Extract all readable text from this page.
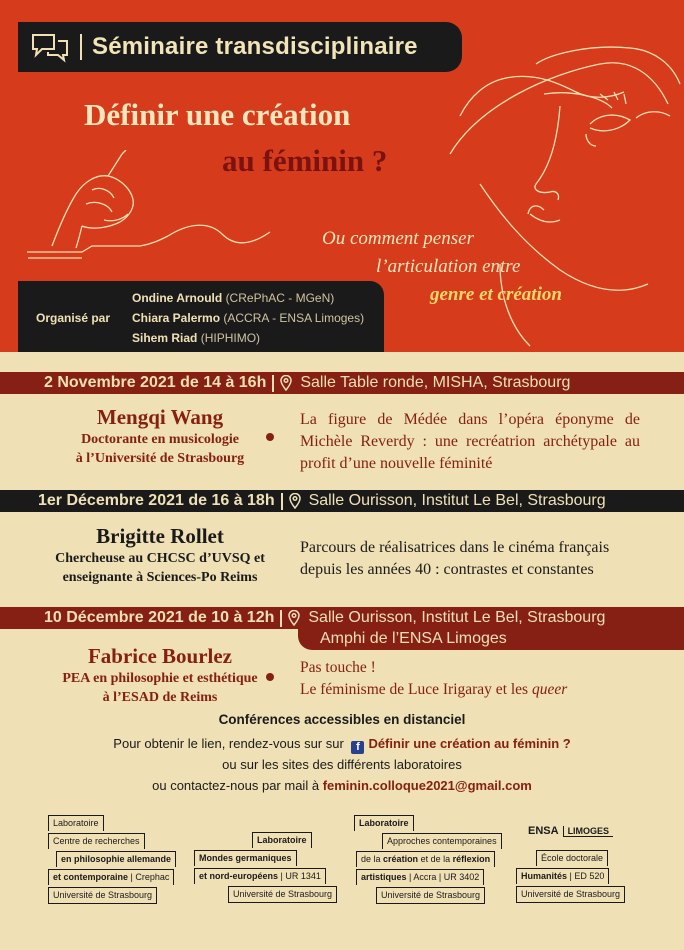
Séminaire transdisciplinaire
Définir une création
au féminin ?
Ou comment penser
l’articulation entre
genre et création
Organisé par
Ondine Arnould (CRePhAC - MGeN)
Chiara Palermo (ACCRA - ENSA Limoges)
Sihem Riad (HIPHIMO)
2 Novembre 2021 de 14 à 16h Salle Table ronde, MISHA, Strasbourg
Mengqi Wang
Doctorante en musicologie
à l’Université de Strasbourg
La figure de Médée dans l’opéra éponyme de Michèle Reverdy : une recréatrion archétypale au profit d’une nouvelle féminité
1er Décembre 2021 de 16 à 18h Salle Ourisson, Institut Le Bel, Strasbourg
Brigitte Rollet
Chercheuse au CHCSC d’UVSQ et
enseignante à Sciences-Po Reims
Parcours de réalisatrices dans le cinéma français depuis les années 40 : contrastes et constantes
10 Décembre 2021 de 10 à 12h Salle Ourisson, Institut Le Bel, Strasbourg
Amphi de l’ENSA Limoges
Fabrice Bourlez
PEA en philosophie et esthétique
à l’ESAD de Reims
Pas touche !
Le féminisme de Luce Irigaray et les queer
Conférences accessibles en distanciel
Pour obtenir le lien, rendez-vous sur sur f Définir une création au féminin ?
ou sur les sites des différents laboratoires
ou contactez-nous par mail à feminin.colloque2021@gmail.com
Laboratoire
Centre de recherches
en philosophie allemande
et contemporaine | Crephac
Université de Strasbourg
Laboratoire
Mondes germaniques
et nord-européens | UR 1341
Université de Strasbourg
Laboratoire
Approches contemporaines
de la création et de la réflexion
artistiques | Accra | UR 3402
Université de Strasbourg
ENSA LIMOGES
École doctorale
Humanités | ED 520
Université de Strasbourg
